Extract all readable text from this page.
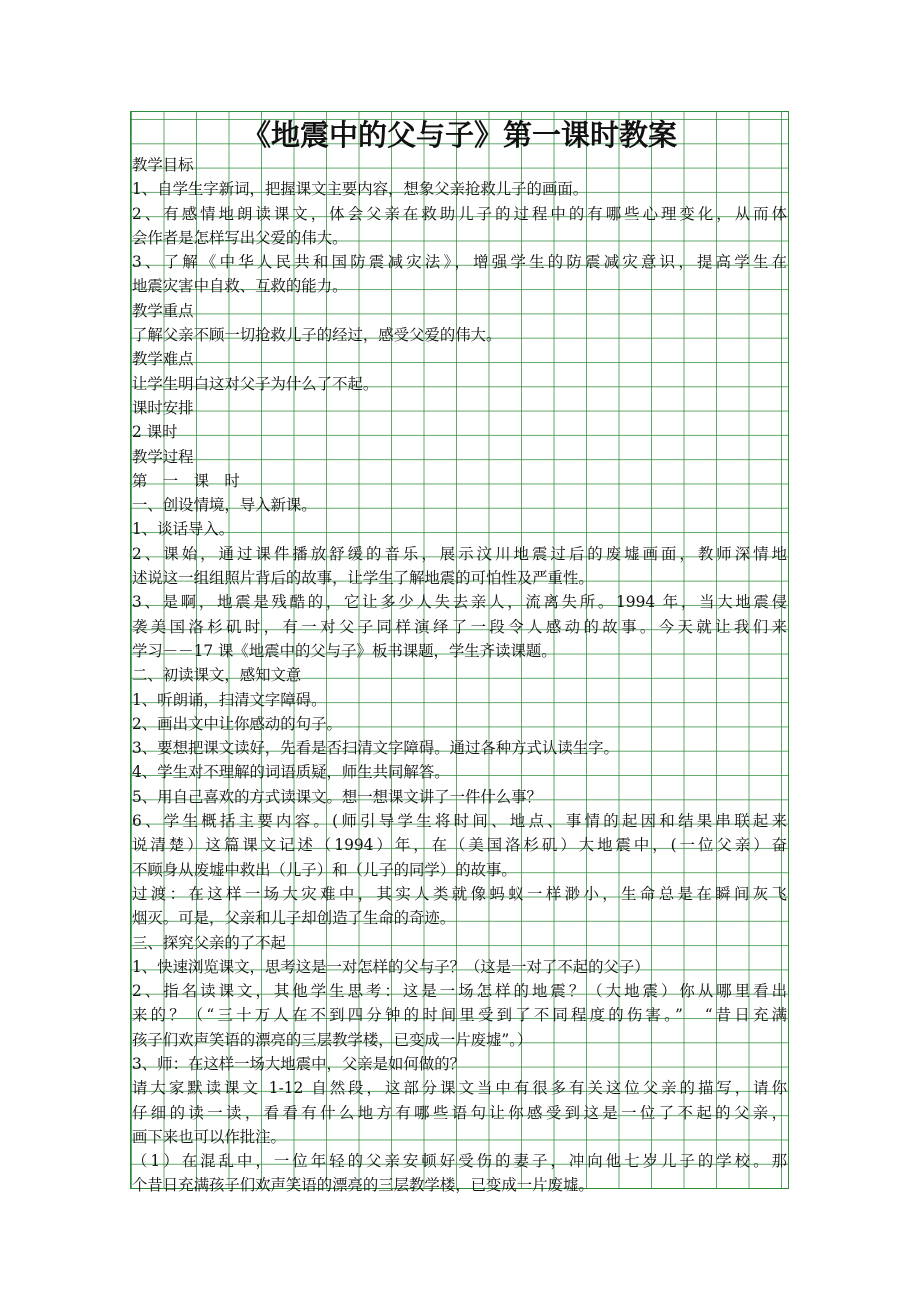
《地震中的父与子》第一课时教案
教学目标
1、自学生字新词，把握课文主要内容，想象父亲抢救儿子的画面。
2、有感情地朗读课文，体会父亲在救助儿子的过程中的有哪些心理变化，从而体
会作者是怎样写出父爱的伟大。
3、了解《中华人民共和国防震减灾法》，增强学生的防震减灾意识，提高学生在
地震灾害中自救、互救的能力。
教学重点
了解父亲不顾一切抢救儿子的经过，感受父爱的伟大。
教学难点
让学生明白这对父子为什么了不起。
课时安排
2 课时
教学过程
第　一　课　时
一、创设情境，导入新课。
1、谈话导入。
2、课始，通过课件播放舒缓的音乐，展示汶川地震过后的废墟画面，教师深情地
述说这一组组照片背后的故事，让学生了解地震的可怕性及严重性。
3、是啊，地震是残酷的，它让多少人失去亲人，流离失所。1994 年，当大地震侵
袭美国洛杉矶时，有一对父子同样演绎了一段令人感动的故事。今天就让我们来
学习－－17 课《地震中的父与子》板书课题，学生齐读课题。
二、初读课文，感知文意
1、听朗诵，扫清文字障碍。
2、画出文中让你感动的句子。
3、要想把课文读好，先看是否扫清文字障碍。通过各种方式认读生字。
4、学生对不理解的词语质疑，师生共同解答。
5、用自己喜欢的方式读课文。想一想课文讲了一件什么事？
6、学生概括主要内容。(师引导学生将时间、地点、事情的起因和结果串联起来
说清楚）这篇课文记述（1994）年，在（美国洛杉矶）大地震中，(一位父亲）奋
不顾身从废墟中救出（儿子）和（儿子的同学）的故事。
过渡：在这样一场大灾难中，其实人类就像蚂蚁一样渺小，生命总是在瞬间灰飞
烟灭。可是，父亲和儿子却创造了生命的奇迹。
三、探究父亲的了不起
1、快速浏览课文，思考这是一对怎样的父与子？（这是一对了不起的父子）
2、指名读课文，其他学生思考：这是一场怎样的地震？（大地震）你从哪里看出
来的？（“三十万人在不到四分钟的时间里受到了不同程度的伤害。”　“昔日充满
孩子们欢声笑语的漂亮的三层教学楼，已变成一片废墟”。）
3、师：在这样一场大地震中，父亲是如何做的？
请大家默读课文 1-12 自然段，这部分课文当中有很多有关这位父亲的描写，请你
仔细的读一读，看看有什么地方有哪些语句让你感受到这是一位了不起的父亲，
画下来也可以作批注。
（1）在混乱中，一位年轻的父亲安顿好受伤的妻子，冲向他七岁儿子的学校。那
个昔日充满孩子们欢声笑语的漂亮的三层教学楼，已变成一片废墟。
